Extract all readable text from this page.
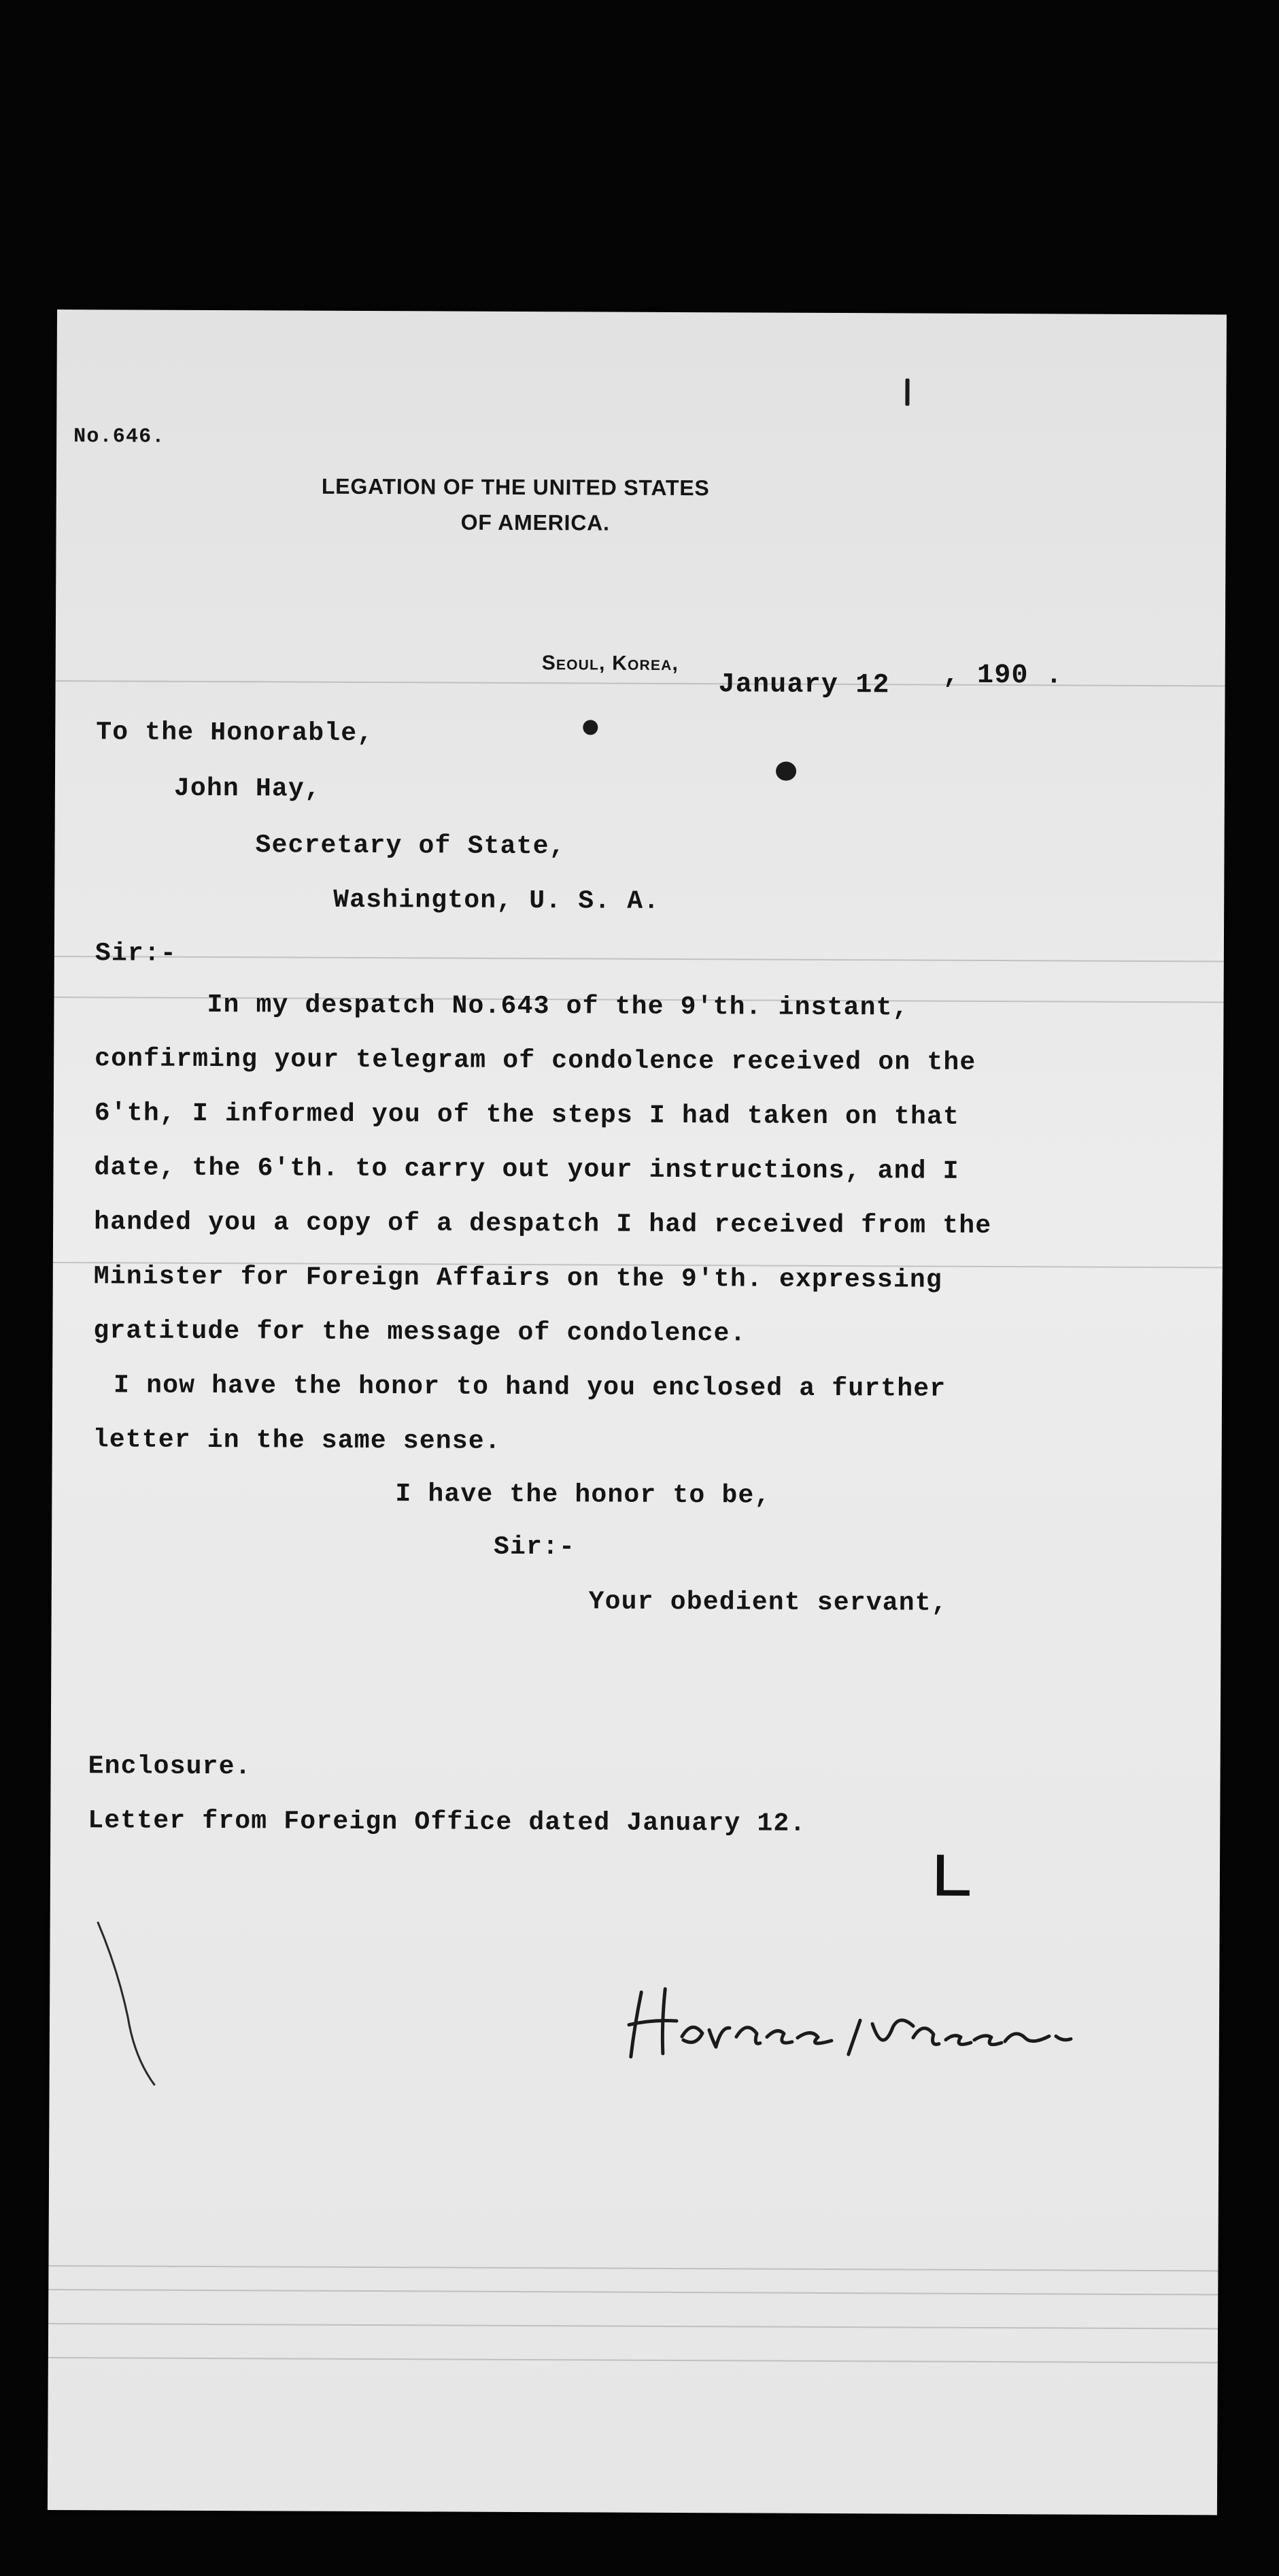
No.646.
LEGATION OF THE UNITED STATES
OF AMERICA.
Seoul, Korea,
January 12 , 190 .
To the Honorable,
John Hay,
Secretary of State,
Washington, U. S. A.
Sir:-
In my despatch No.643 of the 9'th. instant,
confirming your telegram of condolence received on the
6'th, I informed you of the steps I had taken on that
date, the 6'th. to carry out your instructions, and I
handed you a copy of a despatch I had received from the
Minister for Foreign Affairs on the 9'th. expressing
gratitude for the message of condolence.
I now have the honor to hand you enclosed a further
letter in the same sense.
I have the honor to be,
Sir:-
Your obedient servant,
Enclosure.
Letter from Foreign Office dated January 12.
